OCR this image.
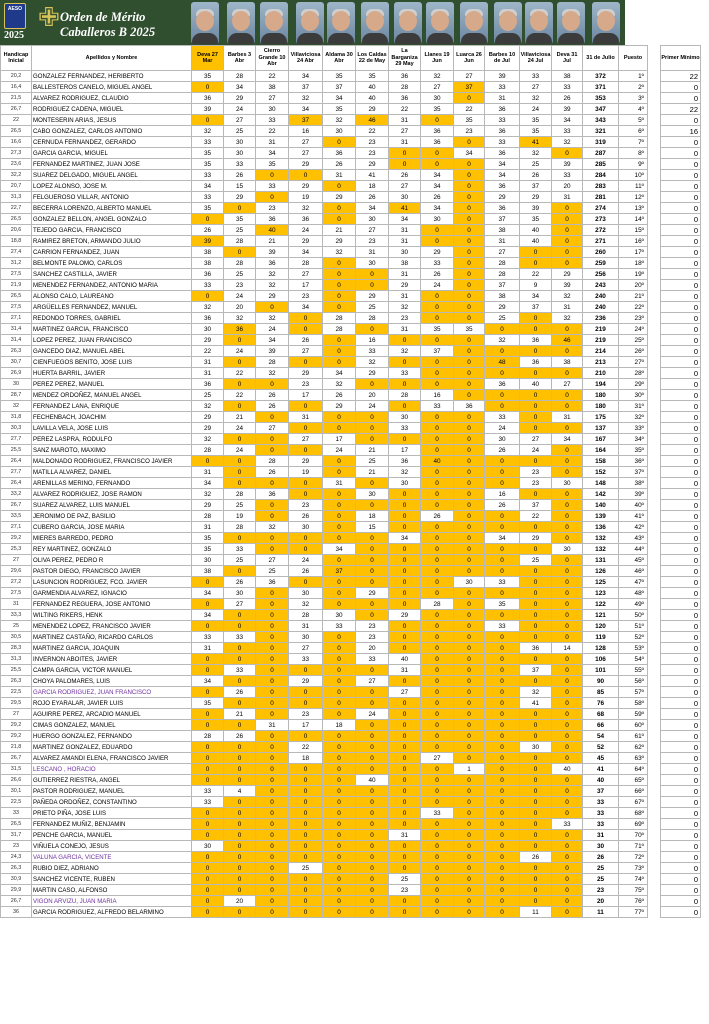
AESO ✙
2025
Orden de Mérito
Caballeros B 2025
Handicap Inicial	Apellidos y Nombre	Deva 27 Mar	Barbes 3 Abr	Cierro Grande 10 Abr	Villaviciosa 24 Abr	Aldama 30 Abr	Los Caldas 22 de May	La Barganiza 29 May	Llanes 19 Jun	Luarca 26 Jun	Barbes 10 de Jul	Villaviciosa 24 Jul	Deva 31 Jul	31 de Julio	Puesto		Primer Mínimo
20,2	GONZALEZ FERNANDEZ, HERIBERTO	35	28	22	34	35	35	36	32	27	39	33	38	372	1º		22
16,4	BALLESTEROS CANELO, MIGUEL ANGEL	0	34	38	37	37	40	28	27	37	33	27	33	371	2º		0
21,5	ALVAREZ RODRIGUEZ, CLAUDIO	36	29	27	32	34	40	36	30	0	31	32	26	353	3º		0
26,7	RODRIGUEZ CADENA, MIGUEL	39	24	30	34	35	29	22	35	22	36	24	39	347	4º		22
22	MONTESERIN ARIAS, JESUS	0	27	33	37	32	46	31	0	35	33	35	34	343	5º		0
26,5	CABO GONZALEZ, CARLOS ANTONIO	32	25	22	16	30	22	27	36	23	36	35	33	321	6º		16
16,6	CERNUDA FERNANDEZ, GERARDO	33	30	31	27	0	23	31	36	0	33	41	32	319	7º		0
27,3	GARCIA GARCIA, MIGUEL	35	30	34	27	36	23	0	0	34	36	32	0	287	8º		0
23,6	FERNANDEZ MARTINEZ, JUAN JOSE	35	33	35	29	26	29	0	0	0	34	25	39	285	9º		0
32,2	SUAREZ DELGADO, MIGUEL ANGEL	33	26	0	0	31	41	26	34	0	34	26	33	284	10º		0
20,7	LOPEZ ALONSO, JOSE M.	34	15	33	29	0	18	27	34	0	36	37	20	283	11º		0
31,3	FELGUEROSO VILLAR, ANTONIO	33	29	0	19	29	26	30	26	0	29	29	31	281	12º		0
22,7	BECERRA LORENZO, ALBERTO MANUEL	35	0	23	32	0	34	41	34	0	36	39	0	274	13º		0
26,5	GONZALEZ BELLON, ANGEL GONZALO	0	35	36	36	0	30	34	30	0	37	35	0	273	14º		0
20,6	TEJEDO GARCIA, FRANCISCO	26	25	40	24	21	27	31	0	0	38	40	0	272	15º		0
18,8	RAMIREZ BRETON, ARMANDO JULIO	39	28	21	29	29	23	31	0	0	31	40	0	271	16º		0
27,4	CARRION FERNANDEZ, JUAN	38	0	39	34	32	31	30	29	0	27	0	0	260	17º		0
31,2	BELMONTE PALOMO, CARLOS	38	28	36	28	0	30	38	33	0	28	0	0	259	18º		0
27,5	SANCHEZ CASTILLA, JAVIER	36	25	32	27	0	0	31	26	0	28	22	29	256	19º		0
21,9	MENENDEZ FERNANDEZ, ANTONIO MARIA	33	23	32	17	0	0	29	24	0	37	9	39	243	20º		0
26,5	ALONSO CALO, LAUREANO	0	24	29	23	0	29	31	0	0	38	34	32	240	21º		0
27,5	ARGÜELLES FERNANDEZ, MANUEL	32	20	0	34	0	25	32	0	0	29	37	31	240	22º		0
27,1	REDONDO TORRES, GABRIEL	36	32	32	0	28	28	23	0	0	25	0	32	236	23º		0
31,4	MARTINEZ GARCIA, FRANCISCO	30	36	24	0	28	0	31	35	35	0	0	0	219	24º		0
31,4	LOPEZ PEREZ, JUAN FRANCISCO	29	0	34	26	0	16	0	0	0	32	36	46	219	25º		0
26,3	GANCEDO DIAZ, MANUEL ABEL	22	24	39	27	0	33	32	37	0	0	0	0	214	26º		0
30,7	CIENFUEGOS BENITO, JOSE LUIS	31	0	28	0	0	32	0	0	0	48	36	38	213	27º		0
26,9	HUERTA BARRIL, JAVIER	31	22	32	29	34	29	33	0	0	0	0	0	210	28º		0
30	PEREZ PEREZ, MANUEL	36	0	0	23	32	0	0	0	0	36	40	27	194	29º		0
28,7	MENDEZ ORDOÑEZ, MANUEL ANGEL	25	22	26	17	26	20	28	16	0	0	0	0	180	30º		0
32	FERNANDEZ LANA, ENRIQUE	32	0	26	0	29	24	0	33	36	0	0	0	180	31º		0
31,8	FECHENBACH, JOACHIM	29	21	0	31	0	0	30	0	0	33	0	31	175	32º		0
30,3	LAVILLA VELA, JOSE LUIS	29	24	27	0	0	0	33	0	0	24	0	0	137	33º		0
27,7	PEREZ LASPRA, RODULFO	32	0	0	27	17	0	0	0	0	30	27	34	167	34º		0
25,5	SANZ MAROTO, MAXIMO	28	24	0	0	24	21	17	0	0	26	24	0	164	35º		0
26,4	MALDONADO RODRIGUEZ, FRANCISCO JAVIER	0	0	28	29	0	25	36	40	0	0	0	0	158	36º		0
27,7	MATILLA ALVAREZ, DANIEL	31	0	26	19	0	21	32	0	0	0	23	0	152	37º		0
26,4	ARENILLAS MERINO, FERNANDO	34	0	0	0	31	0	30	0	0	0	23	30	148	38º		0
33,2	ALVAREZ RODRIGUEZ, JOSE RAMON	32	28	36	0	0	30	0	0	0	16	0	0	142	39º		0
26,7	SUAREZ ALVAREZ, LUIS MANUEL	29	25	0	23	0	0	0	0	0	26	37	0	140	40º		0
33,5	JERONIMO DE PAZ, BASILIO	28	19	0	26	0	18	0	26	0	0	22	0	139	41º		0
27,1	CUBERO GARCIA, JOSE MARIA	31	28	32	30	0	15	0	0	0	0	0	0	136	42º		0
29,2	MIERES BARREDO, PEDRO	35	0	0	0	0	0	34	0	0	34	29	0	132	43º		0
25,3	REY MARTINEZ, GONZALO	35	33	0	0	34	0	0	0	0	0	0	30	132	44º		0
27	OLIVA PEREZ, PEDRO R	30	25	27	24	0	0	0	0	0	0	25	0	131	45º		0
29,6	PASTOR DIEGO, FRANCISCO JAVIER	38	0	25	26	37	0	0	0	0	0	0	0	126	46º		0
27,2	LASUNCION RODRIGUEZ, FCO. JAVIER	0	26	36	0	0	0	0	0	30	33	0	0	125	47º		0
27,5	GARMENDIA ALVAREZ, IGNACIO	34	30	0	30	0	29	0	0	0	0	0	0	123	48º		0
31	FERNANDEZ REGUERA, JOSE ANTONIO	0	27	0	32	0	0	0	28	0	35	0	0	122	49º		0
33,3	WILTING RIKERS, HENK	34	0	0	28	30	0	29	0	0	0	0	0	121	50º		0
25	MENENDEZ LOPEZ, FRANCISCO JAVIER	0	0	0	31	33	23	0	0	0	33	0	0	120	51º		0
30,5	MARTINEZ CASTAÑO, RICARDO CARLOS	33	33	0	30	0	23	0	0	0	0	0	0	119	52º		0
28,3	MARTINEZ GARCIA, JOAQUIN	31	0	0	27	0	20	0	0	0	0	36	14	128	53º		0
31,3	INVERNON ABOITES, JAVIER	0	0	0	33	0	33	40	0	0	0	0	0	106	54º		0
25,5	CAMPA GARCIA, VICTOR MANUEL	0	33	0	0	0	0	31	0	0	0	37	0	101	55º		0
26,3	CHOYA PALOMARES, LUIS	34	0	0	29	0	27	0	0	0	0	0	0	90	56º		0
22,5	GARCIA RODRIGUEZ, JUAN FRANCISCO	0	26	0	0	0	0	27	0	0	0	32	0	85	57º		0
29,5	ROJO EYARALAR, JAVIER LUIS	35	0	0	0	0	0	0	0	0	0	41	0	76	58º		0
27	AGUIRRE PEREZ, ARCADIO MANUEL	0	21	0	23	0	24	0	0	0	0	0	0	68	59º		0
29,2	CIMAS GONZALEZ, MANUEL	0	0	31	17	18	0	0	0	0	0	0	0	66	60º		0
29,2	HUERGO GONZALEZ, FERNANDO	28	26	0	0	0	0	0	0	0	0	0	0	54	61º		0
21,8	MARTINEZ GONZALEZ, EDUARDO	0	0	0	22	0	0	0	0	0	0	30	0	52	62º		0
26,7	ALVAREZ AMANDI ELENA, FRANCISCO JAVIER	0	0	0	18	0	0	0	27	0	0	0	0	45	63º		0
31,5	LESCANO , HORACIO	0	0	0	0	0	0	0	0	1	0	0	40	41	64º		0
26,6	GUTIERREZ RIESTRA, ANGEL	0	0	0	0	0	40	0	0	0	0	0	0	40	65º		0
30,1	PASTOR RODRIGUEZ, MANUEL	33	4	0	0	0	0	0	0	0	0	0	0	37	66º		0
22,5	PAÑEDA ORDOÑEZ, CONSTANTINO	33	0	0	0	0	0	0	0	0	0	0	0	33	67º		0
33	PRIETO PIÑA, JOSE LUIS	0	0	0	0	0	0	0	33	0	0	0	0	33	68º		0
26,5	FERNANDEZ MUÑIZ, BENJAMIN	0	0	0	0	0	0	0	0	0	0	0	33	33	69º		0
31,7	PENCHE GARCIA, MANUEL	0	0	0	0	0	0	31	0	0	0	0	0	31	70º		0
23	VIÑUELA CONEJO, JESUS	30	0	0	0	0	0	0	0	0	0	0	0	30	71º		0
24,3	VALUNA GARCIA, VICENTE	0	0	0	0	0	0	0	0	0	0	26	0	26	72º		0
26,3	RUBIO DIEZ, ADRIANO	0	0	0	25	0	0	0	0	0	0	0	0	25	73º		0
30,9	SANCHEZ VICENTE, RUBEN	0	0	0	0	0	0	25	0	0	0	0	0	25	74º		0
29,9	MARTIN CASO, ALFONSO	0	0	0	0	0	0	23	0	0	0	0	0	23	75º		0
26,7	VIGON ARVIZU, JUAN MARIA	0	20	0	0	0	0	0	0	0	0	0	0	20	76º		0
36	GARCIA RODRIGUEZ, ALFREDO BELARMINO	0	0	0	0	0	0	0	0	0	0	11	0	11	77º		0
